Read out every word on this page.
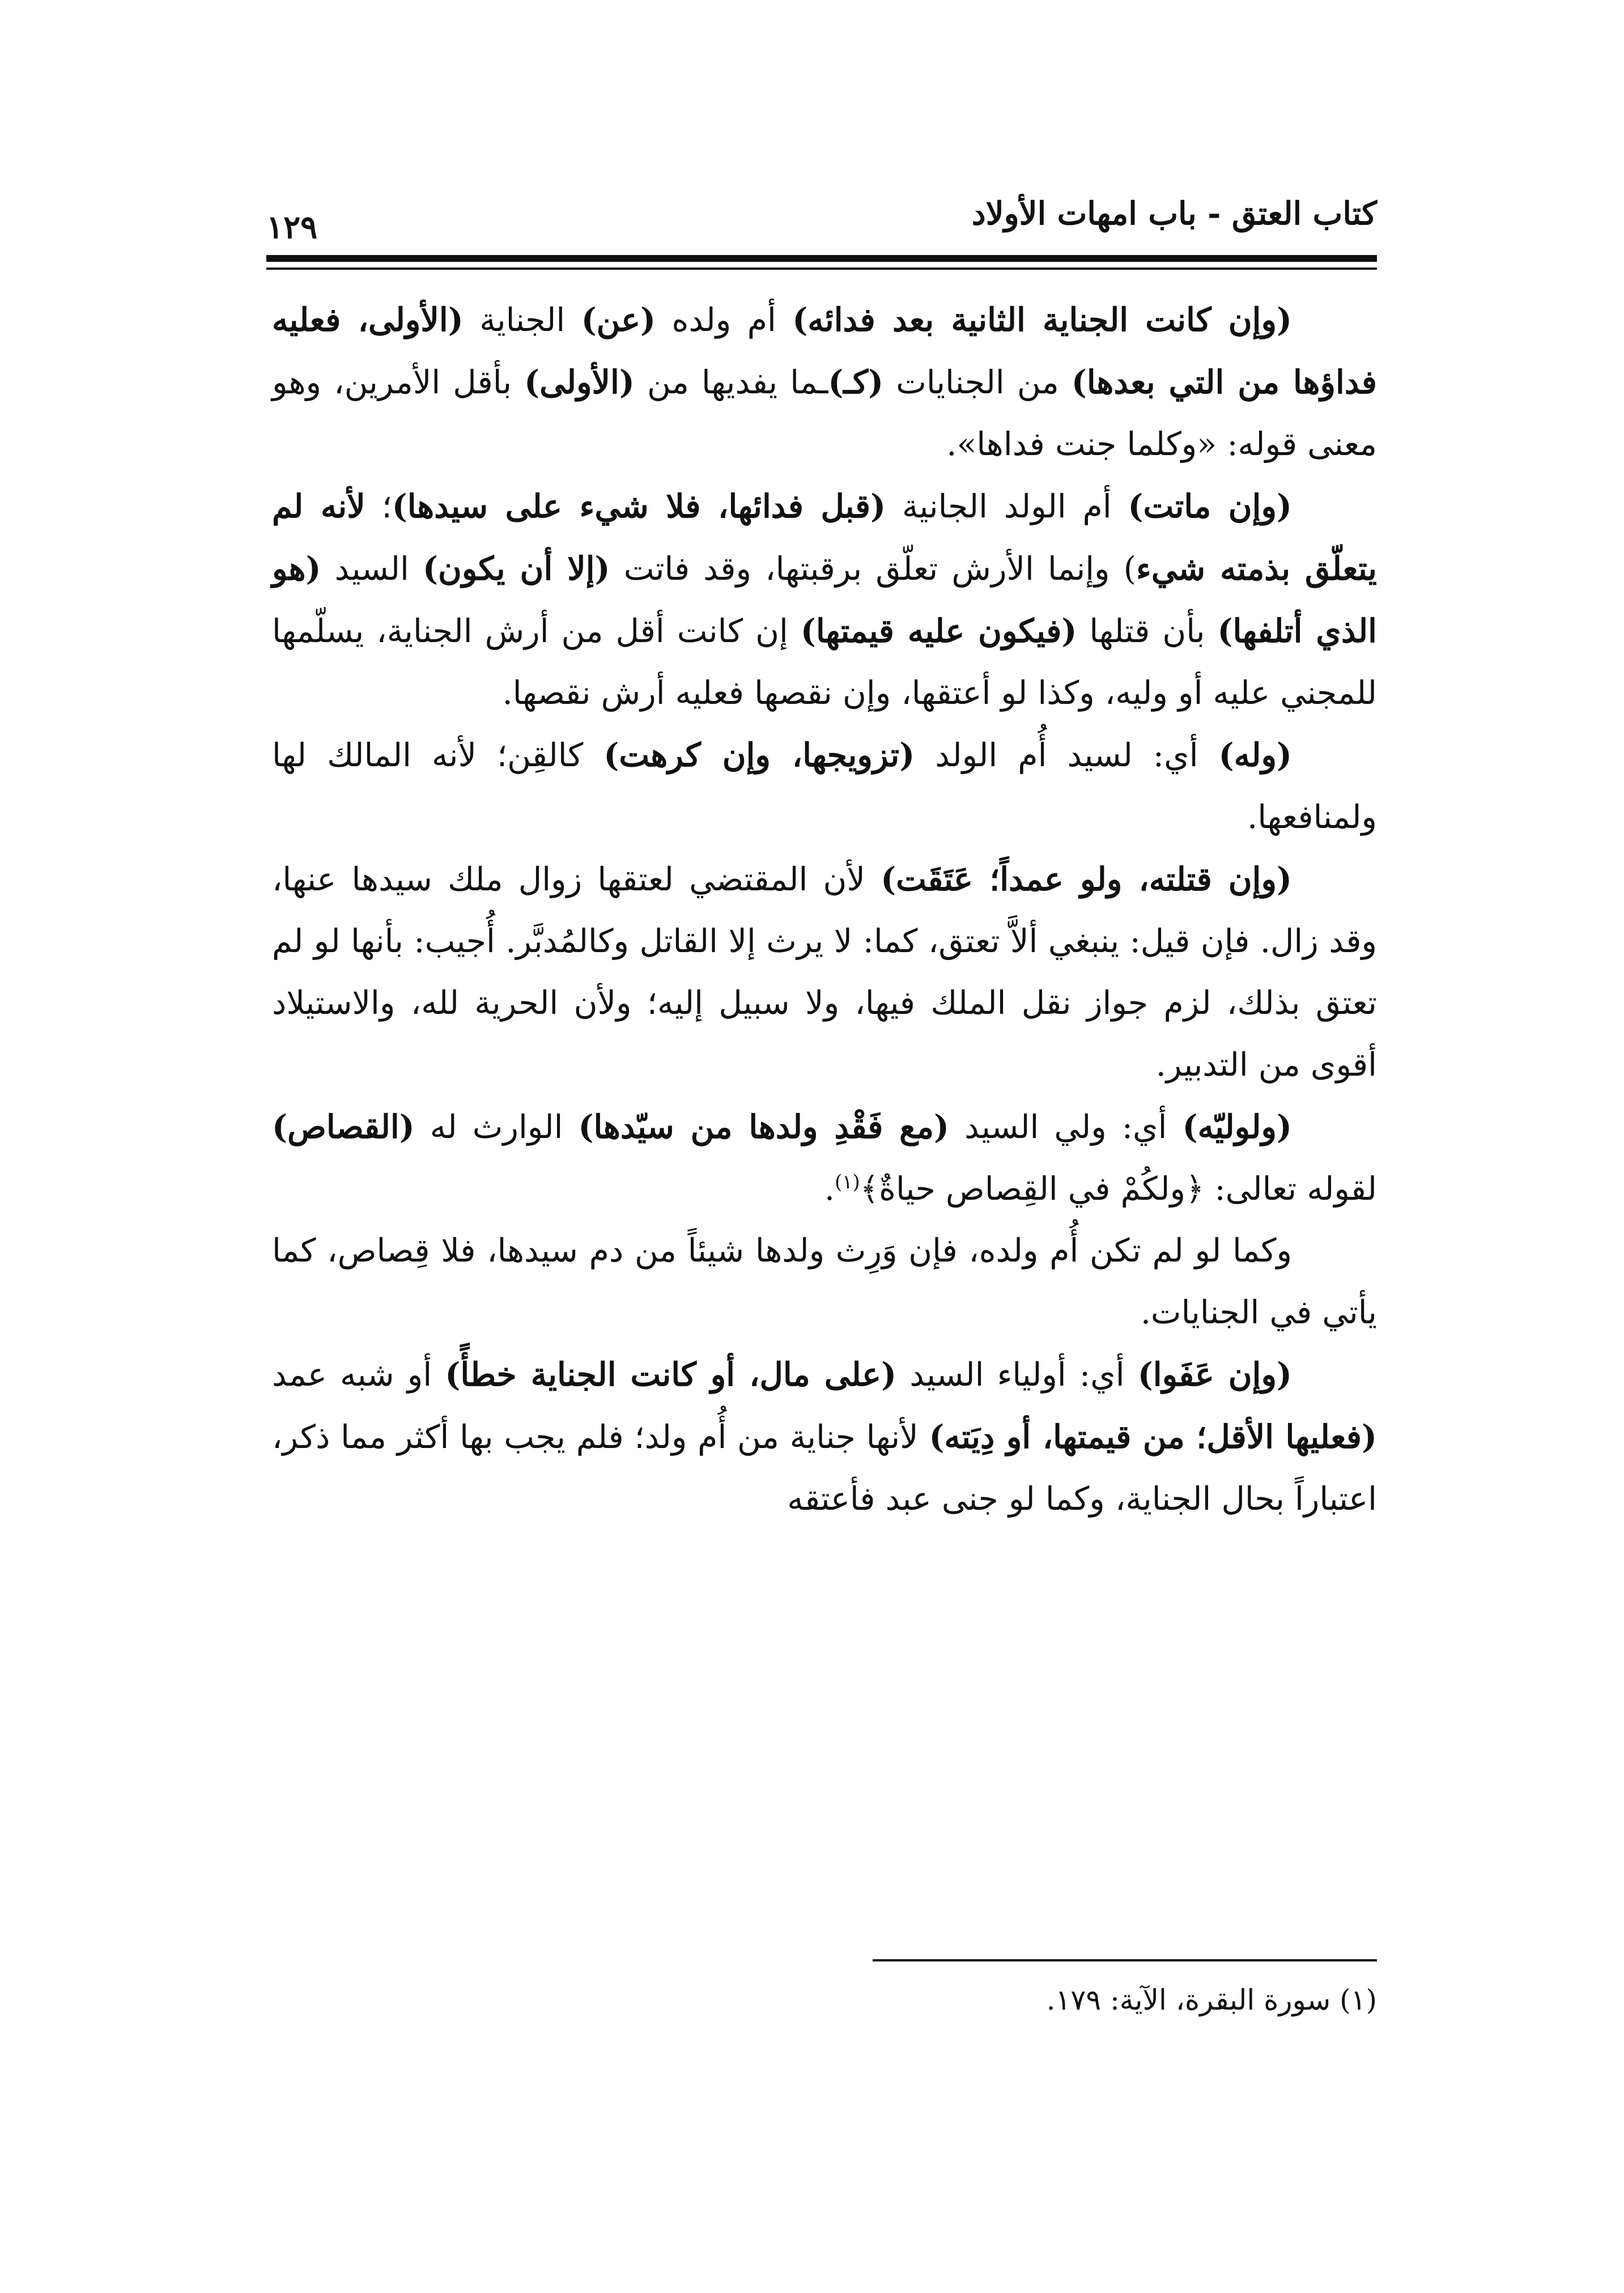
كتاب العتق - باب امهات الأولاد
١٢٩

(وإن كانت الجناية الثانية بعد فدائه) أم ولده (عن) الجناية (الأولى، فعليه فداؤها من التي بعدها) من الجنايات (كـ)ـما يفديها من (الأولى) بأقل الأمرين، وهو معنى قوله: «وكلما جنت فداها».

(وإن ماتت) أم الولد الجانية (قبل فدائها، فلا شيء على سيدها)؛ لأنه لم يتعلّق بذمته شيء) وإنما الأرش تعلّق برقبتها، وقد فاتت (إلا أن يكون) السيد (هو الذي أتلفها) بأن قتلها (فيكون عليه قيمتها) إن كانت أقل من أرش الجناية، يسلّمها للمجني عليه أو وليه، وكذا لو أعتقها، وإن نقصها فعليه أرش نقصها.

(وله) أي: لسيد أُم الولد (تزويجها، وإن كرهت) كالقِن؛ لأنه المالك لها ولمنافعها.

(وإن قتلته، ولو عمداً؛ عَتَقَت) لأن المقتضي لعتقها زوال ملك سيدها عنها، وقد زال. فإن قيل: ينبغي ألاَّ تعتق، كما: لا يرث إلا القاتل وكالمُدبَّر. أُجيب: بأنها لو لم تعتق بذلك، لزم جواز نقل الملك فيها، ولا سبيل إليه؛ ولأن الحرية لله، والاستيلاد أقوى من التدبير.

(ولوليّه) أي: ولي السيد (مع فَقْدِ ولدها من سيّدها) الوارث له (القصاص) لقوله تعالى: ﴿ولكُمْ في القِصاص حياةٌ﴾$^{(١)}$.

وكما لو لم تكن أُم ولده، فإن وَرِث ولدها شيئاً من دم سيدها، فلا قِصاص، كما يأتي في الجنايات.

(وإن عَفَوا) أي: أولياء السيد (على مال، أو كانت الجناية خطأً) أو شبه عمد (فعليها الأقل؛ من قيمتها، أو دِيَته) لأنها جناية من أُم ولد؛ فلم يجب بها أكثر مما ذكر، اعتباراً بحال الجناية، وكما لو جنى عبد فأعتقه

(١) سورة البقرة، الآية: ١٧٩.
